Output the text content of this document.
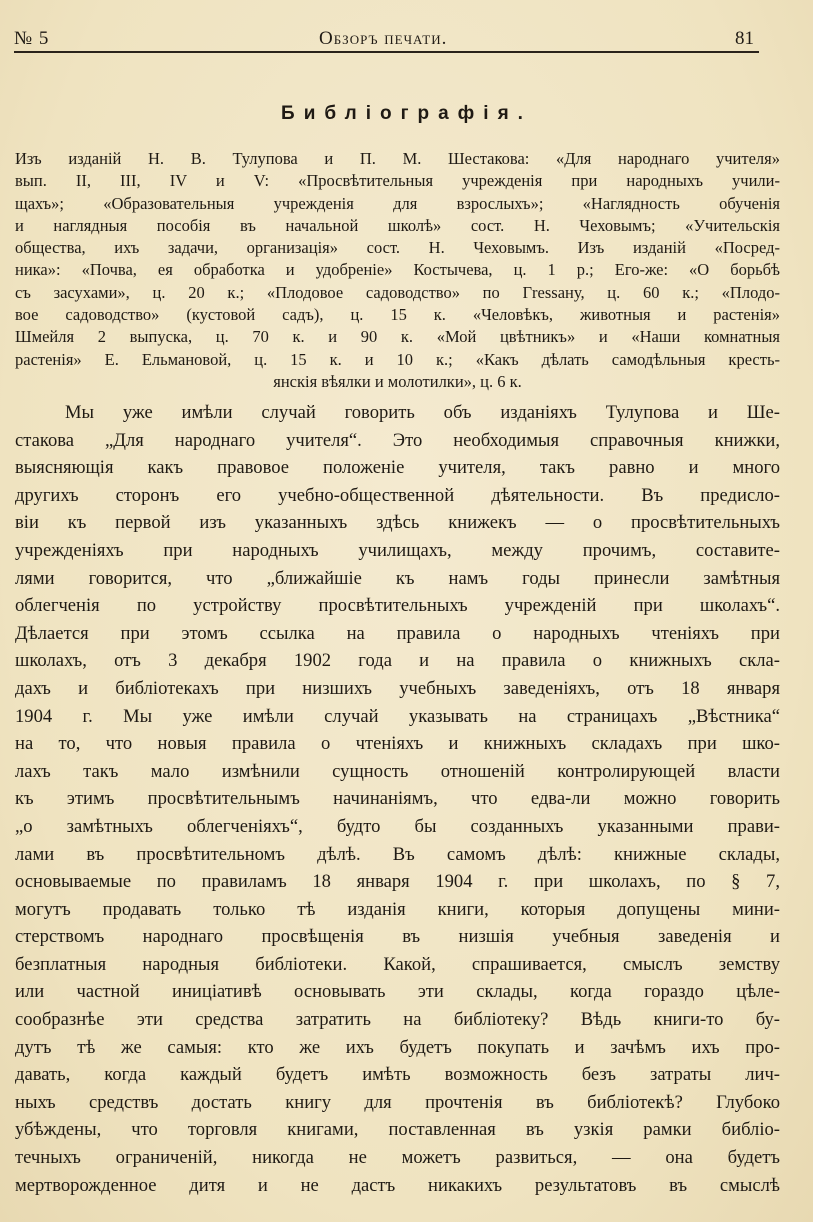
№ 5	Обзоръ печати.	81
Библіографія.
Изъ изданій Н. В. Тулупова и П. М. Шестакова: «Для народнаго учителя»
вып. II, III, IV и V: «Просвѣтительныя учрежденія при народныхъ учили-
щахъ»; «Образовательныя учрежденія для взрослыхъ»; «Наглядность обученія
и наглядныя пособія въ начальной школѣ» сост. Н. Чеховымъ; «Учительскія
общества, ихъ задачи, организація» сост. Н. Чеховымъ. Изъ изданій «Посред-
ника»: «Почва, ея обработка и удобреніе» Костычева, ц. 1 р.; Его-же: «О борьбѣ
съ засухами», ц. 20 к.; «Плодовое садоводство» по Гressану, ц. 60 к.; «Плодо-
вое садоводство» (кустовой садъ), ц. 15 к. «Человѣкъ, животныя и растенія»
Шмейля 2 выпуска, ц. 70 к. и 90 к. «Мой цвѣтникъ» и «Наши комнатныя
растенія» Е. Ельмановой, ц. 15 к. и 10 к.; «Какъ дѣлать самодѣльныя кресть-
янскія вѣялки и молотилки», ц. 6 к.
Мы уже имѣли случай говорить объ изданіяхъ Тулупова и Ше-
стакова „Для народнаго учителя“. Это необходимыя справочныя книжки,
выясняющія какъ правовое положеніе учителя, такъ равно и много
другихъ сторонъ его учебно-общественной дѣятельности. Въ предисло-
віи къ первой изъ указанныхъ здѣсь книжекъ — о просвѣтительныхъ
учрежденіяхъ при народныхъ училищахъ, между прочимъ, составите-
лями говорится, что „ближайшіе къ намъ годы принесли замѣтныя
облегченія по устройству просвѣтительныхъ учрежденій при школахъ“.
Дѣлается при этомъ ссылка на правила о народныхъ чтеніяхъ при
школахъ, отъ 3 декабря 1902 года и на правила о книжныхъ скла-
дахъ и библіотекахъ при низшихъ учебныхъ заведеніяхъ, отъ 18 января
1904 г. Мы уже имѣли случай указывать на страницахъ „Вѣстника“
на то, что новыя правила о чтеніяхъ и книжныхъ складахъ при шко-
лахъ такъ мало измѣнили сущность отношеній контролирующей власти
къ этимъ просвѣтительнымъ начинаніямъ, что едва-ли можно говорить
„о замѣтныхъ облегченіяхъ“, будто бы созданныхъ указанными прави-
лами въ просвѣтительномъ дѣлѣ. Въ самомъ дѣлѣ: книжные склады,
основываемые по правиламъ 18 января 1904 г. при школахъ, по § 7,
могутъ продавать только тѣ изданія книги, которыя допущены мини-
стерствомъ народнаго просвѣщенія въ низшія учебныя заведенія и
безплатныя народныя библіотеки. Какой, спрашивается, смыслъ земству
или частной иниціативѣ основывать эти склады, когда гораздо цѣле-
сообразнѣе эти средства затратить на библіотеку? Вѣдь книги-то бу-
дутъ тѣ же самыя: кто же ихъ будетъ покупать и зачѣмъ ихъ про-
давать, когда каждый будетъ имѣть возможность безъ затраты лич-
ныхъ средствъ достать книгу для прочтенія въ библіотекѣ? Глубоко
убѣждены, что торговля книгами, поставленная въ узкія рамки библіо-
течныхъ ограниченій, никогда не можетъ развиться, — она будетъ
мертворожденное дитя и не дастъ никакихъ результатовъ въ смыслѣ
